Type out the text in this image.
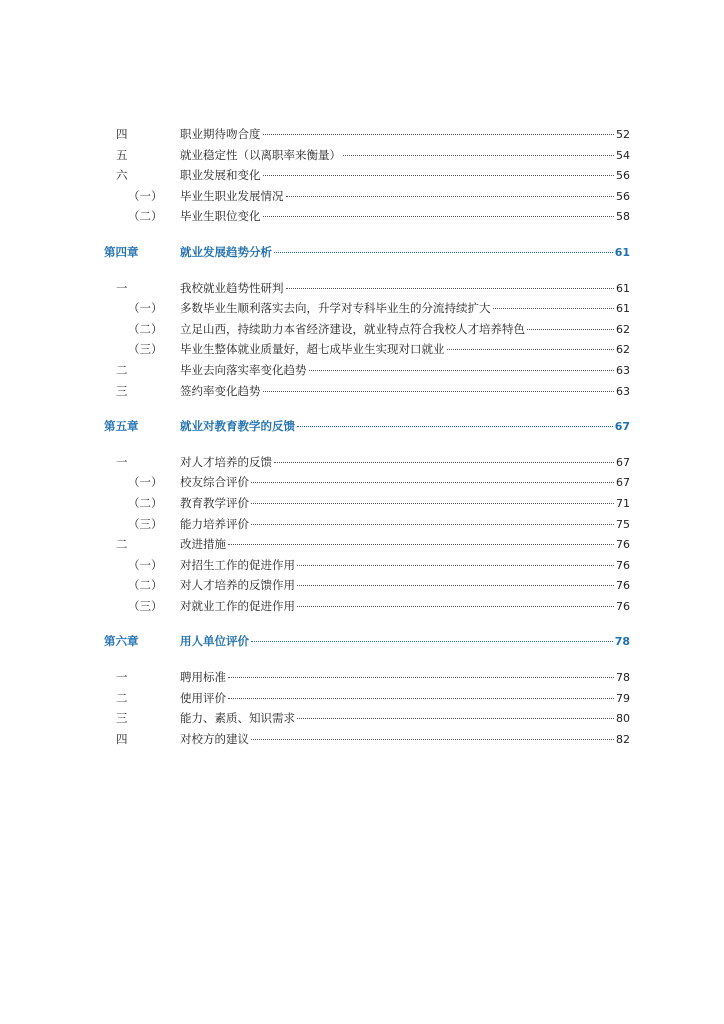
四	职业期待吻合度	52
五	就业稳定性（以离职率来衡量）	54
六	职业发展和变化	56
（一）	毕业生职业发展情况	56
（二）	毕业生职位变化	58
第四章	就业发展趋势分析	61
一	我校就业趋势性研判	61
（一）	多数毕业生顺利落实去向，升学对专科毕业生的分流持续扩大	61
（二）	立足山西，持续助力本省经济建设，就业特点符合我校人才培养特色	62
（三）	毕业生整体就业质量好，超七成毕业生实现对口就业	62
二	毕业去向落实率变化趋势	63
三	签约率变化趋势	63
第五章	就业对教育教学的反馈	67
一	对人才培养的反馈	67
（一）	校友综合评价	67
（二）	教育教学评价	71
（三）	能力培养评价	75
二	改进措施	76
（一）	对招生工作的促进作用	76
（二）	对人才培养的反馈作用	76
（三）	对就业工作的促进作用	76
第六章	用人单位评价	78
一	聘用标准	78
二	使用评价	79
三	能力、素质、知识需求	80
四	对校方的建议	82
